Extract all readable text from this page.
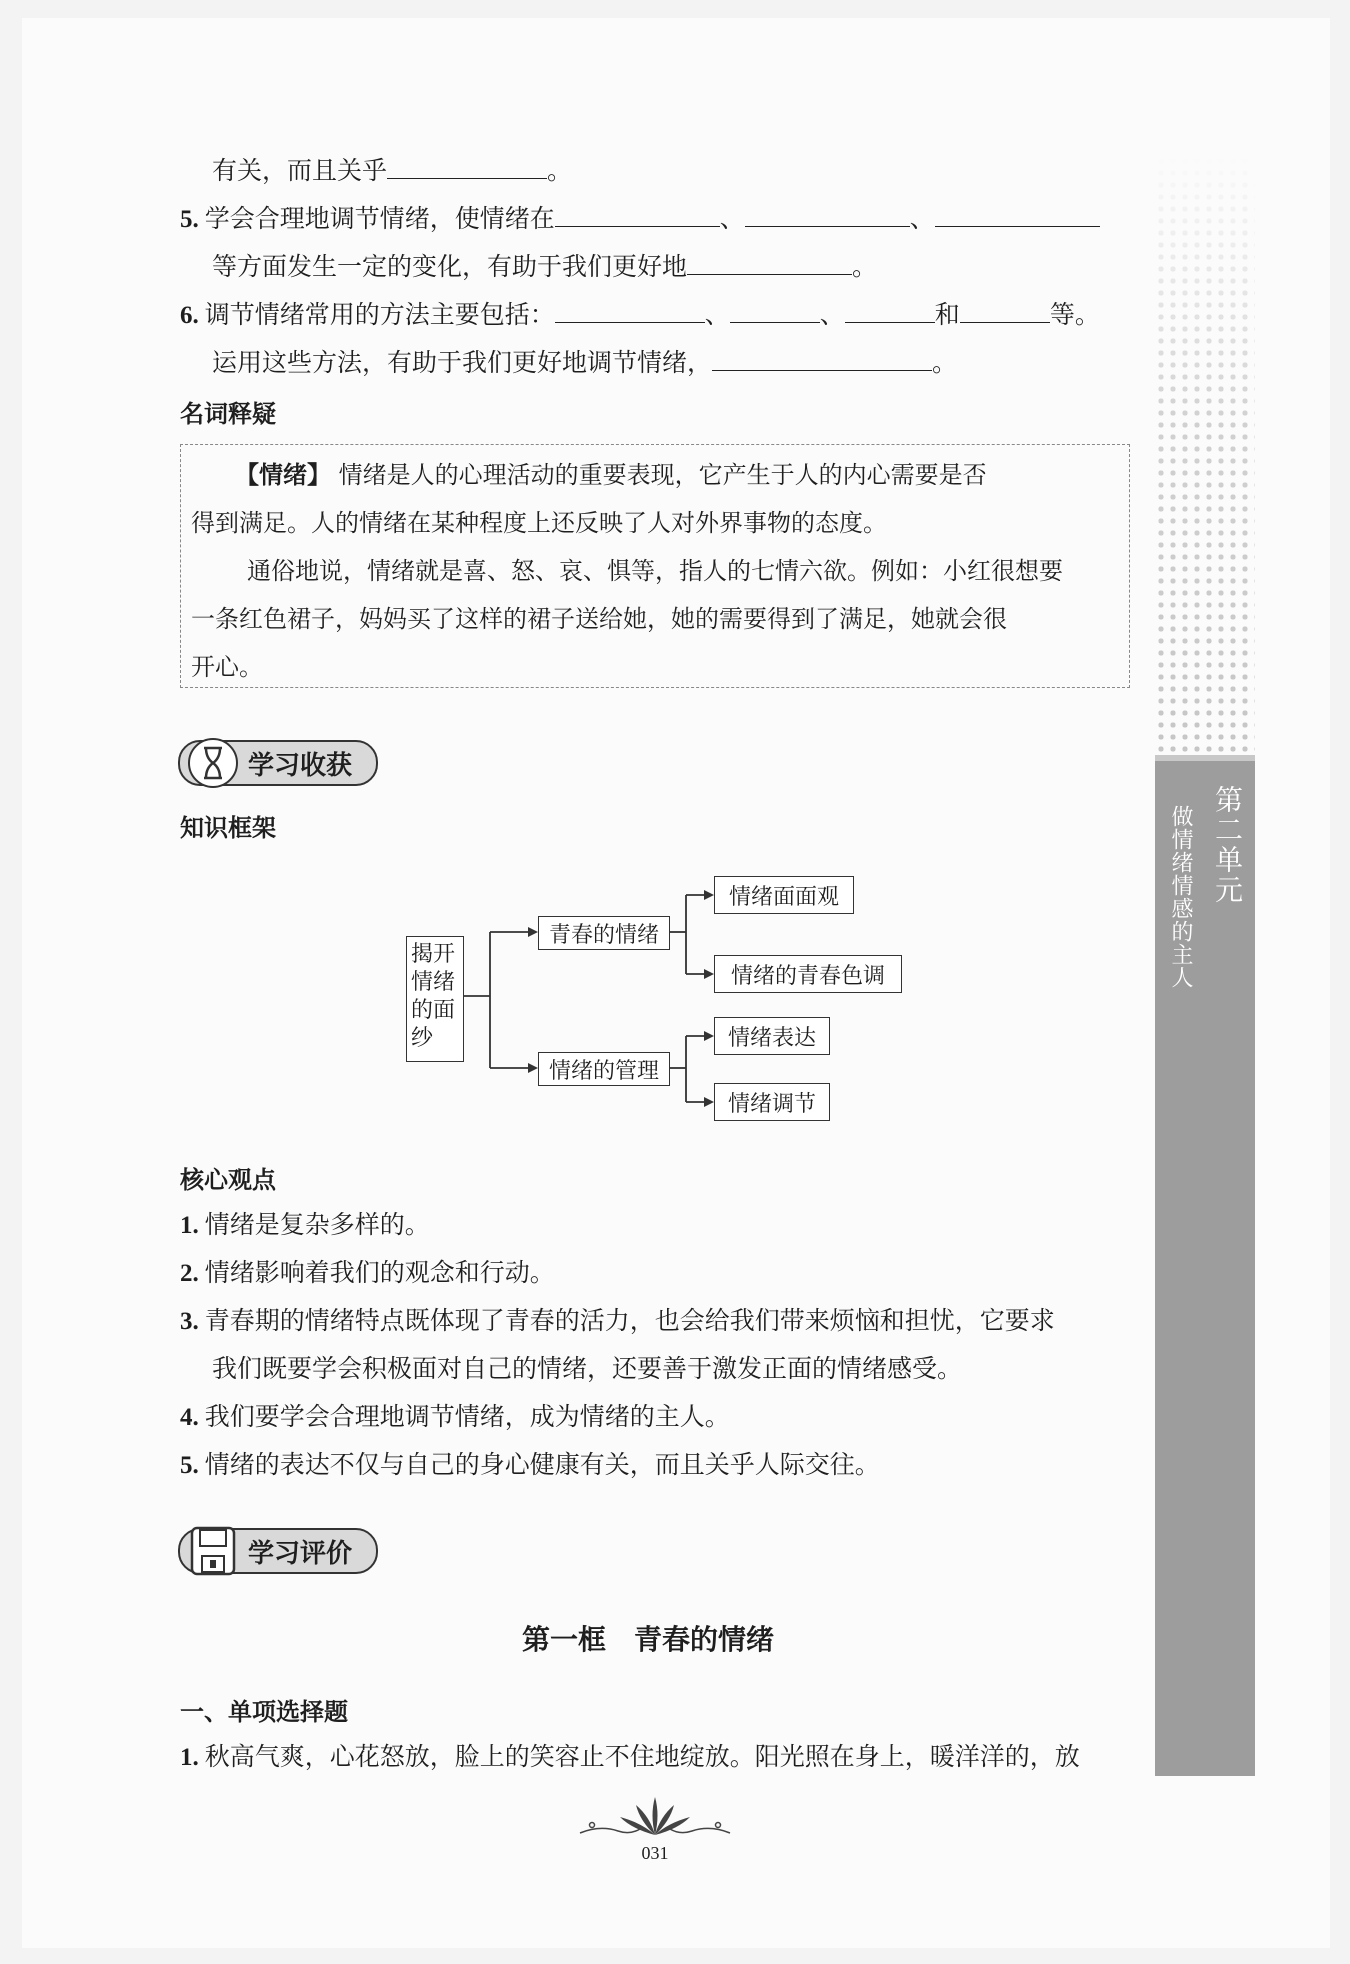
有关，而且关乎	。
5. 学会合理地调节情绪，使情绪在	、	、
等方面发生一定的变化，有助于我们更好地	。
6. 调节情绪常用的方法主要包括：	、	、	和	等。
运用这些方法，有助于我们更好地调节情绪，	。
名词释疑

【情绪】 情绪是人的心理活动的重要表现，它产生于人的内心需要是否

得到满足。人的情绪在某种程度上还反映了人对外界事物的态度。

通俗地说，情绪就是喜、怒、哀、惧等，指人的七情六欲。例如：小红很想要

一条红色裙子，妈妈买了这样的裙子送给她，她的需要得到了满足，她就会很

开心。

学习收获
知识框架
揭开情绪的面纱
青春的情绪
情绪面面观
情绪的青春色调
情绪的管理
情绪表达
情绪调节
核心观点
1. 情绪是复杂多样的。
2. 情绪影响着我们的观念和行动。
3. 青春期的情绪特点既体现了青春的活力，也会给我们带来烦恼和担忧，它要求
我们既要学会积极面对自己的情绪，还要善于激发正面的情绪感受。
4. 我们要学会合理地调节情绪，成为情绪的主人。
5. 情绪的表达不仅与自己的身心健康有关，而且关乎人际交往。
学习评价
第一框　青春的情绪
一、单项选择题
1. 秋高气爽，心花怒放，脸上的笑容止不住地绽放。阳光照在身上，暖洋洋的，放
第二单元
做情绪情感的主人
031
